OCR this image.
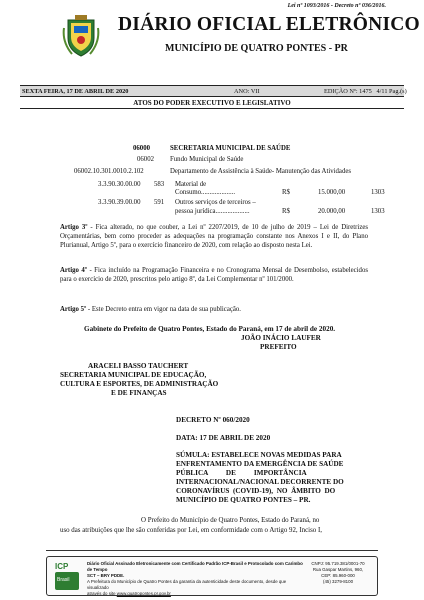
Lei nº 1093/2016 - Decreto nº 036/2016.
DIÁRIO OFICIAL ELETRÔNICO
MUNICÍPIO DE QUATRO PONTES - PR
SEXTA FEIRA, 17 DE ABRIL DE 2020	ANO: VII	EDIÇÃO Nº: 1475 4/11 Pag.(s)
ATOS DO PODER EXECUTIVO E LEGISLATIVO
06000	SECRETARIA MUNICIPAL DE SAÚDE
06002 Fundo Municipal de Saúde
06002.10.301.0010.2.102	Departamento de Assistência à Saúde- Manutenção das Atividades
3.3.90.30.00.00 583 Material de
Consumo....................	R$	15.000,00	1303
3.3.90.39.00.00 591 Outros serviços de terceiros –
pessoa jurídica....................	R$	20.000,00	1303
Artigo 3º - Fica alterado, no que couber, a Lei nº 2207/2019, de 10 de julho de 2019 – Lei de Diretrizes Orçamentárias, bem como proceder as adequações na programação constante nos Anexos I e II, do Plano Plurianual, Artigo 5º, para o exercício financeiro de 2020, com relação ao disposto nesta Lei.
Artigo 4º - Fica incluído na Programação Financeira e no Cronograma Mensal de Desembolso, estabelecidos para o exercício de 2020, prescritos pelo artigo 8º, da Lei Complementar nº 101/2000.
Artigo 5º - Este Decreto entra em vigor na data de sua publicação.
Gabinete do Prefeito de Quatro Pontes, Estado do Paraná, em 17 de abril de 2020.
JOÃO INÁCIO LAUFER
PREFEITO
ARACELI BASSO TAUCHERT
SECRETARIA MUNICIPAL DE EDUCAÇÃO,
CULTURA E ESPORTES, DE ADMINISTRAÇÃO
E DE FINANÇAS
DECRETO Nº 060/2020
DATA: 17 DE ABRIL DE 2020
SÚMULA: ESTABELECE NOVAS MEDIDAS PARA
ENFRENTAMENTO DA EMERGÊNCIA DE SAÚDE
PÚBLICA          DE          IMPORTÂNCIA
INTERNACIONAL/NACIONAL DECORRENTE DO
CORONAVÍRUS  (COVID-19),  NO  ÂMBITO  DO
MUNICÍPIO DE QUATRO PONTES – PR.
O Prefeito do Município de Quatro Pontes, Estado do Paraná, no
uso das atribuições que lhe são conferidas por Lei, em conformidade com o Artigo 92, Inciso I,
ICP
Brasil
Diário Oficial Assinado Eletronicamente com Certificado Padrão ICP-Brasil e Protocolado com Carimbo de Tempo
SCT – BRY PDDE.
A Prefeitura do Município de Quatro Pontes da garantia da autenticidade deste documento, desde que visualizado
através do site www.quatropontes.pr.gov.br
CNPJ: 95.719.381/0001-70
Rua Gaspar Martins, 960,
CEP: 85.960-000
(45) 3279-8100
